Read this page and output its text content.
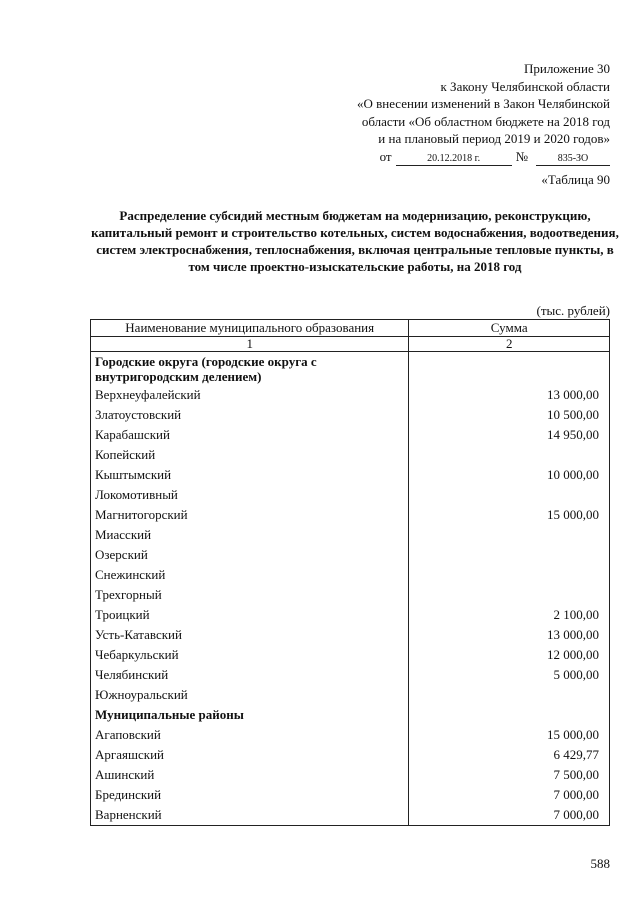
Приложение 30
к Закону Челябинской области
«О внесении изменений в Закон Челябинской
области «Об областном бюджете на 2018 год
и на плановый период 2019 и 2020 годов»
от	20.12.2018 г.	№	835-ЗО
«Таблица 90
Распределение субсидий местным бюджетам на модернизацию, реконструкцию, капитальный ремонт и строительство котельных, систем водоснабжения, водоотведения, систем электроснабжения, теплоснабжения, включая центральные тепловые пункты, в том числе проектно-изыскательские работы, на 2018 год
(тыс. рублей)
Наименование муниципального образования	Сумма
1	2
Городские округа (городские округа с внутригородским делением)	
Верхнеуфалейский	13 000,00
Златоустовский	10 500,00
Карабашский	14 950,00
Копейский	
Кыштымский	10 000,00
Локомотивный	
Магнитогорский	15 000,00
Миасский	
Озерский	
Снежинский	
Трехгорный	
Троицкий	2 100,00
Усть-Катавский	13 000,00
Чебаркульский	12 000,00
Челябинский	5 000,00
Южноуральский	
Муниципальные районы	
Агаповский	15 000,00
Аргаяшский	6 429,77
Ашинский	7 500,00
Брединский	7 000,00
Варненский	7 000,00
588
